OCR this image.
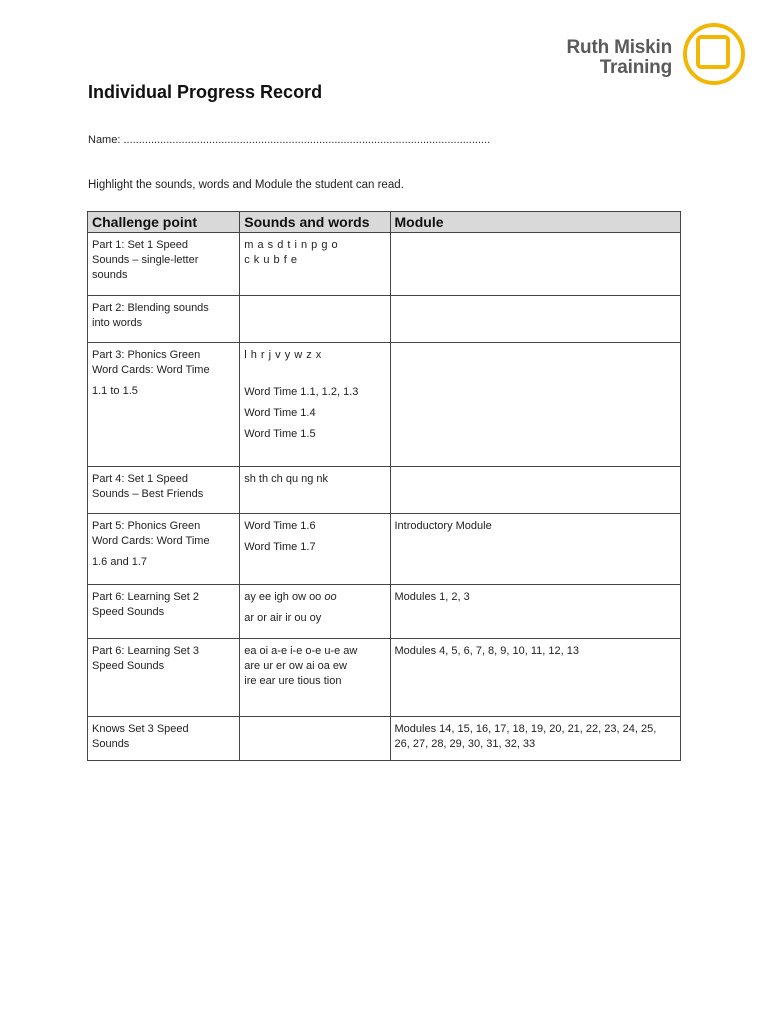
Ruth Miskin
Training
Individual Progress Record
Name: ........................................................................................................................
Highlight the sounds, words and Module the student can read.
Challenge point	Sounds and words	Module

Part 1: Set 1 Speed
Sounds – single-letter
sounds	m a s d t i n p g o
c k u b f e	

Part 2: Blending sounds
into words		

Part 3: Phonics Green
Word Cards: Word Time
1.1 to 1.5	l h r j v y w z x
Word Time 1.1, 1.2, 1.3
Word Time 1.4
Word Time 1.5	

Part 4: Set 1 Speed
Sounds – Best Friends	sh th ch qu ng nk	

Part 5: Phonics Green
Word Cards: Word Time
1.6 and 1.7	Word Time 1.6
Word Time 1.7	Introductory Module

Part 6: Learning Set 2
Speed Sounds	ay ee igh ow oo oo
ar or air ir ou oy	Modules 1, 2, 3

Part 6: Learning Set 3
Speed Sounds	ea oi a-e i-e o-e u-e aw
are ur er ow ai oa ew
ire ear ure tious tion	Modules 4, 5, 6, 7, 8, 9, 10, 11, 12, 13

Knows Set 3 Speed
Sounds		Modules 14, 15, 16, 17, 18, 19, 20, 21, 22, 23, 24, 25,
26, 27, 28, 29, 30, 31, 32, 33
